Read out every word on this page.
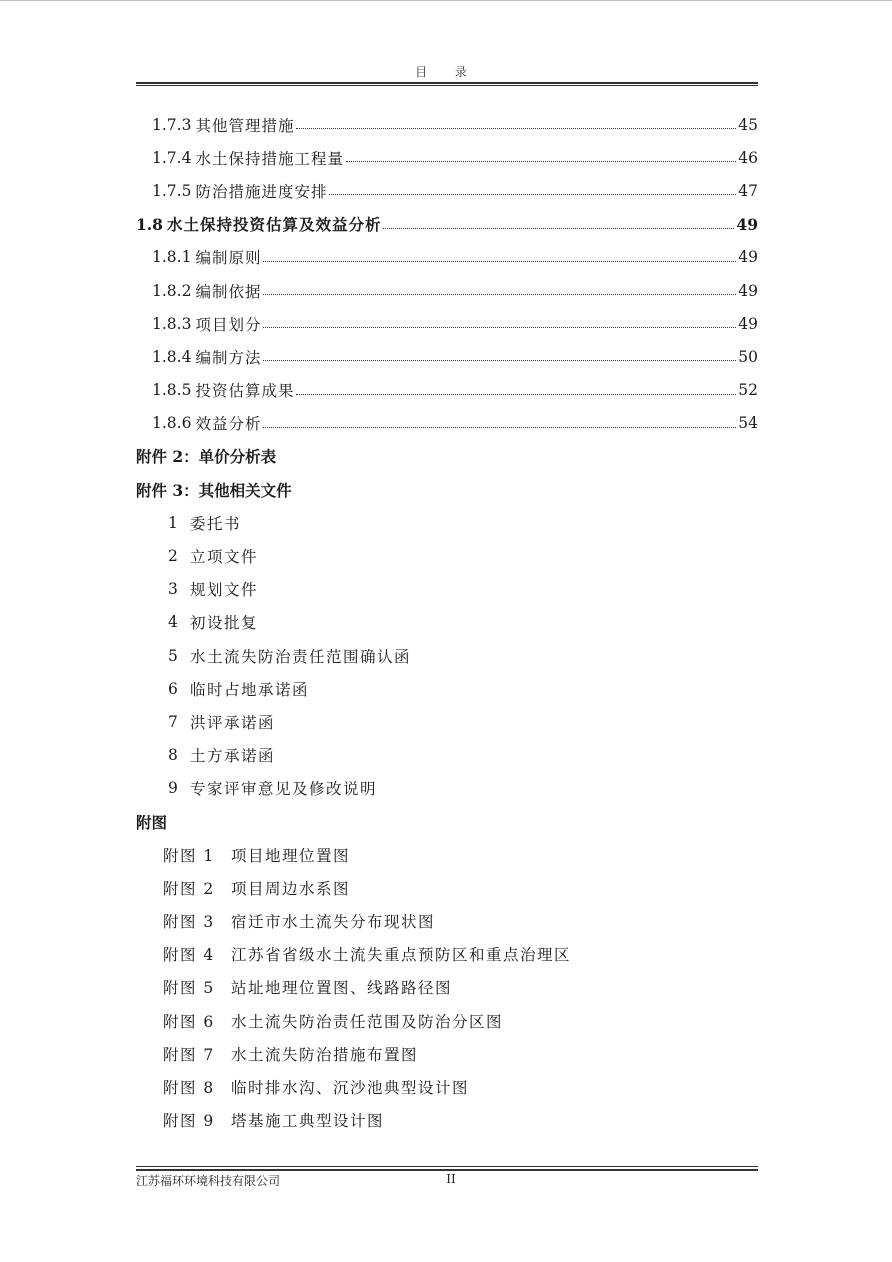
目 录
1.7.3 其他管理措施	45
1.7.4 水土保持措施工程量	46
1.7.5 防治措施进度安排	47
1.8 水土保持投资估算及效益分析	49
1.8.1 编制原则	49
1.8.2 编制依据	49
1.8.3 项目划分	49
1.8.4 编制方法	50
1.8.5 投资估算成果	52
1.8.6 效益分析	54
附件 2：单价分析表
附件 3：其他相关文件
1 委托书
2 立项文件
3 规划文件
4 初设批复
5 水土流失防治责任范围确认函
6 临时占地承诺函
7 洪评承诺函
8 土方承诺函
9 专家评审意见及修改说明
附图
附图 1	项目地理位置图
附图 2	项目周边水系图
附图 3	宿迁市水土流失分布现状图
附图 4	江苏省省级水土流失重点预防区和重点治理区
附图 5	站址地理位置图、线路路径图
附图 6	水土流失防治责任范围及防治分区图
附图 7	水土流失防治措施布置图
附图 8	临时排水沟、沉沙池典型设计图
附图 9	塔基施工典型设计图
江苏福环环境科技有限公司	II
